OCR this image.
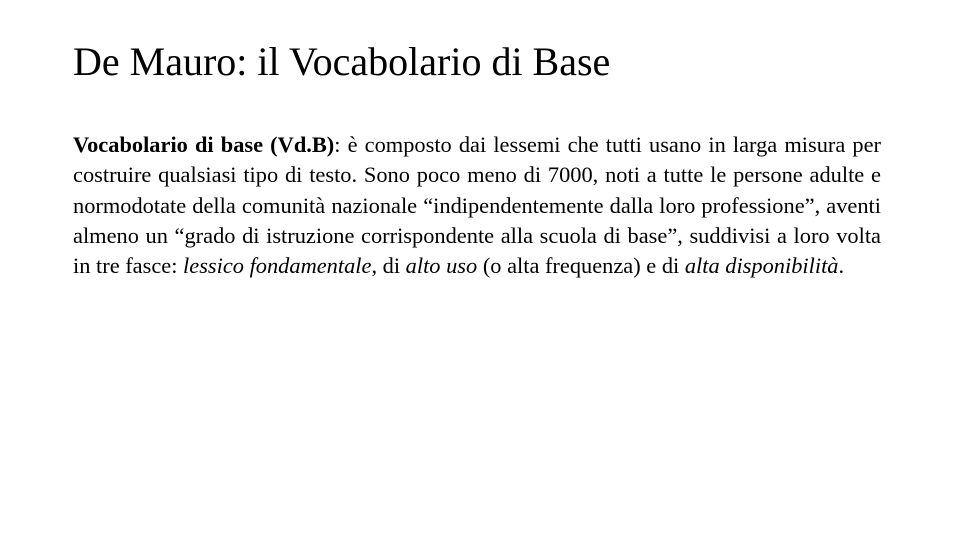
De Mauro: il Vocabolario di Base

Vocabolario di base (Vd.B): è composto dai lessemi che tutti usano in larga misura per costruire qualsiasi tipo di testo. Sono poco meno di 7000, noti a tutte le persone adulte e normodotate della comunità nazionale “indipendentemente dalla loro professione”, aventi almeno un “grado di istruzione corrispondente alla scuola di base”, suddivisi a loro volta in tre fasce: lessico fondamentale, di alto uso (o alta frequenza) e di alta disponibilità.
